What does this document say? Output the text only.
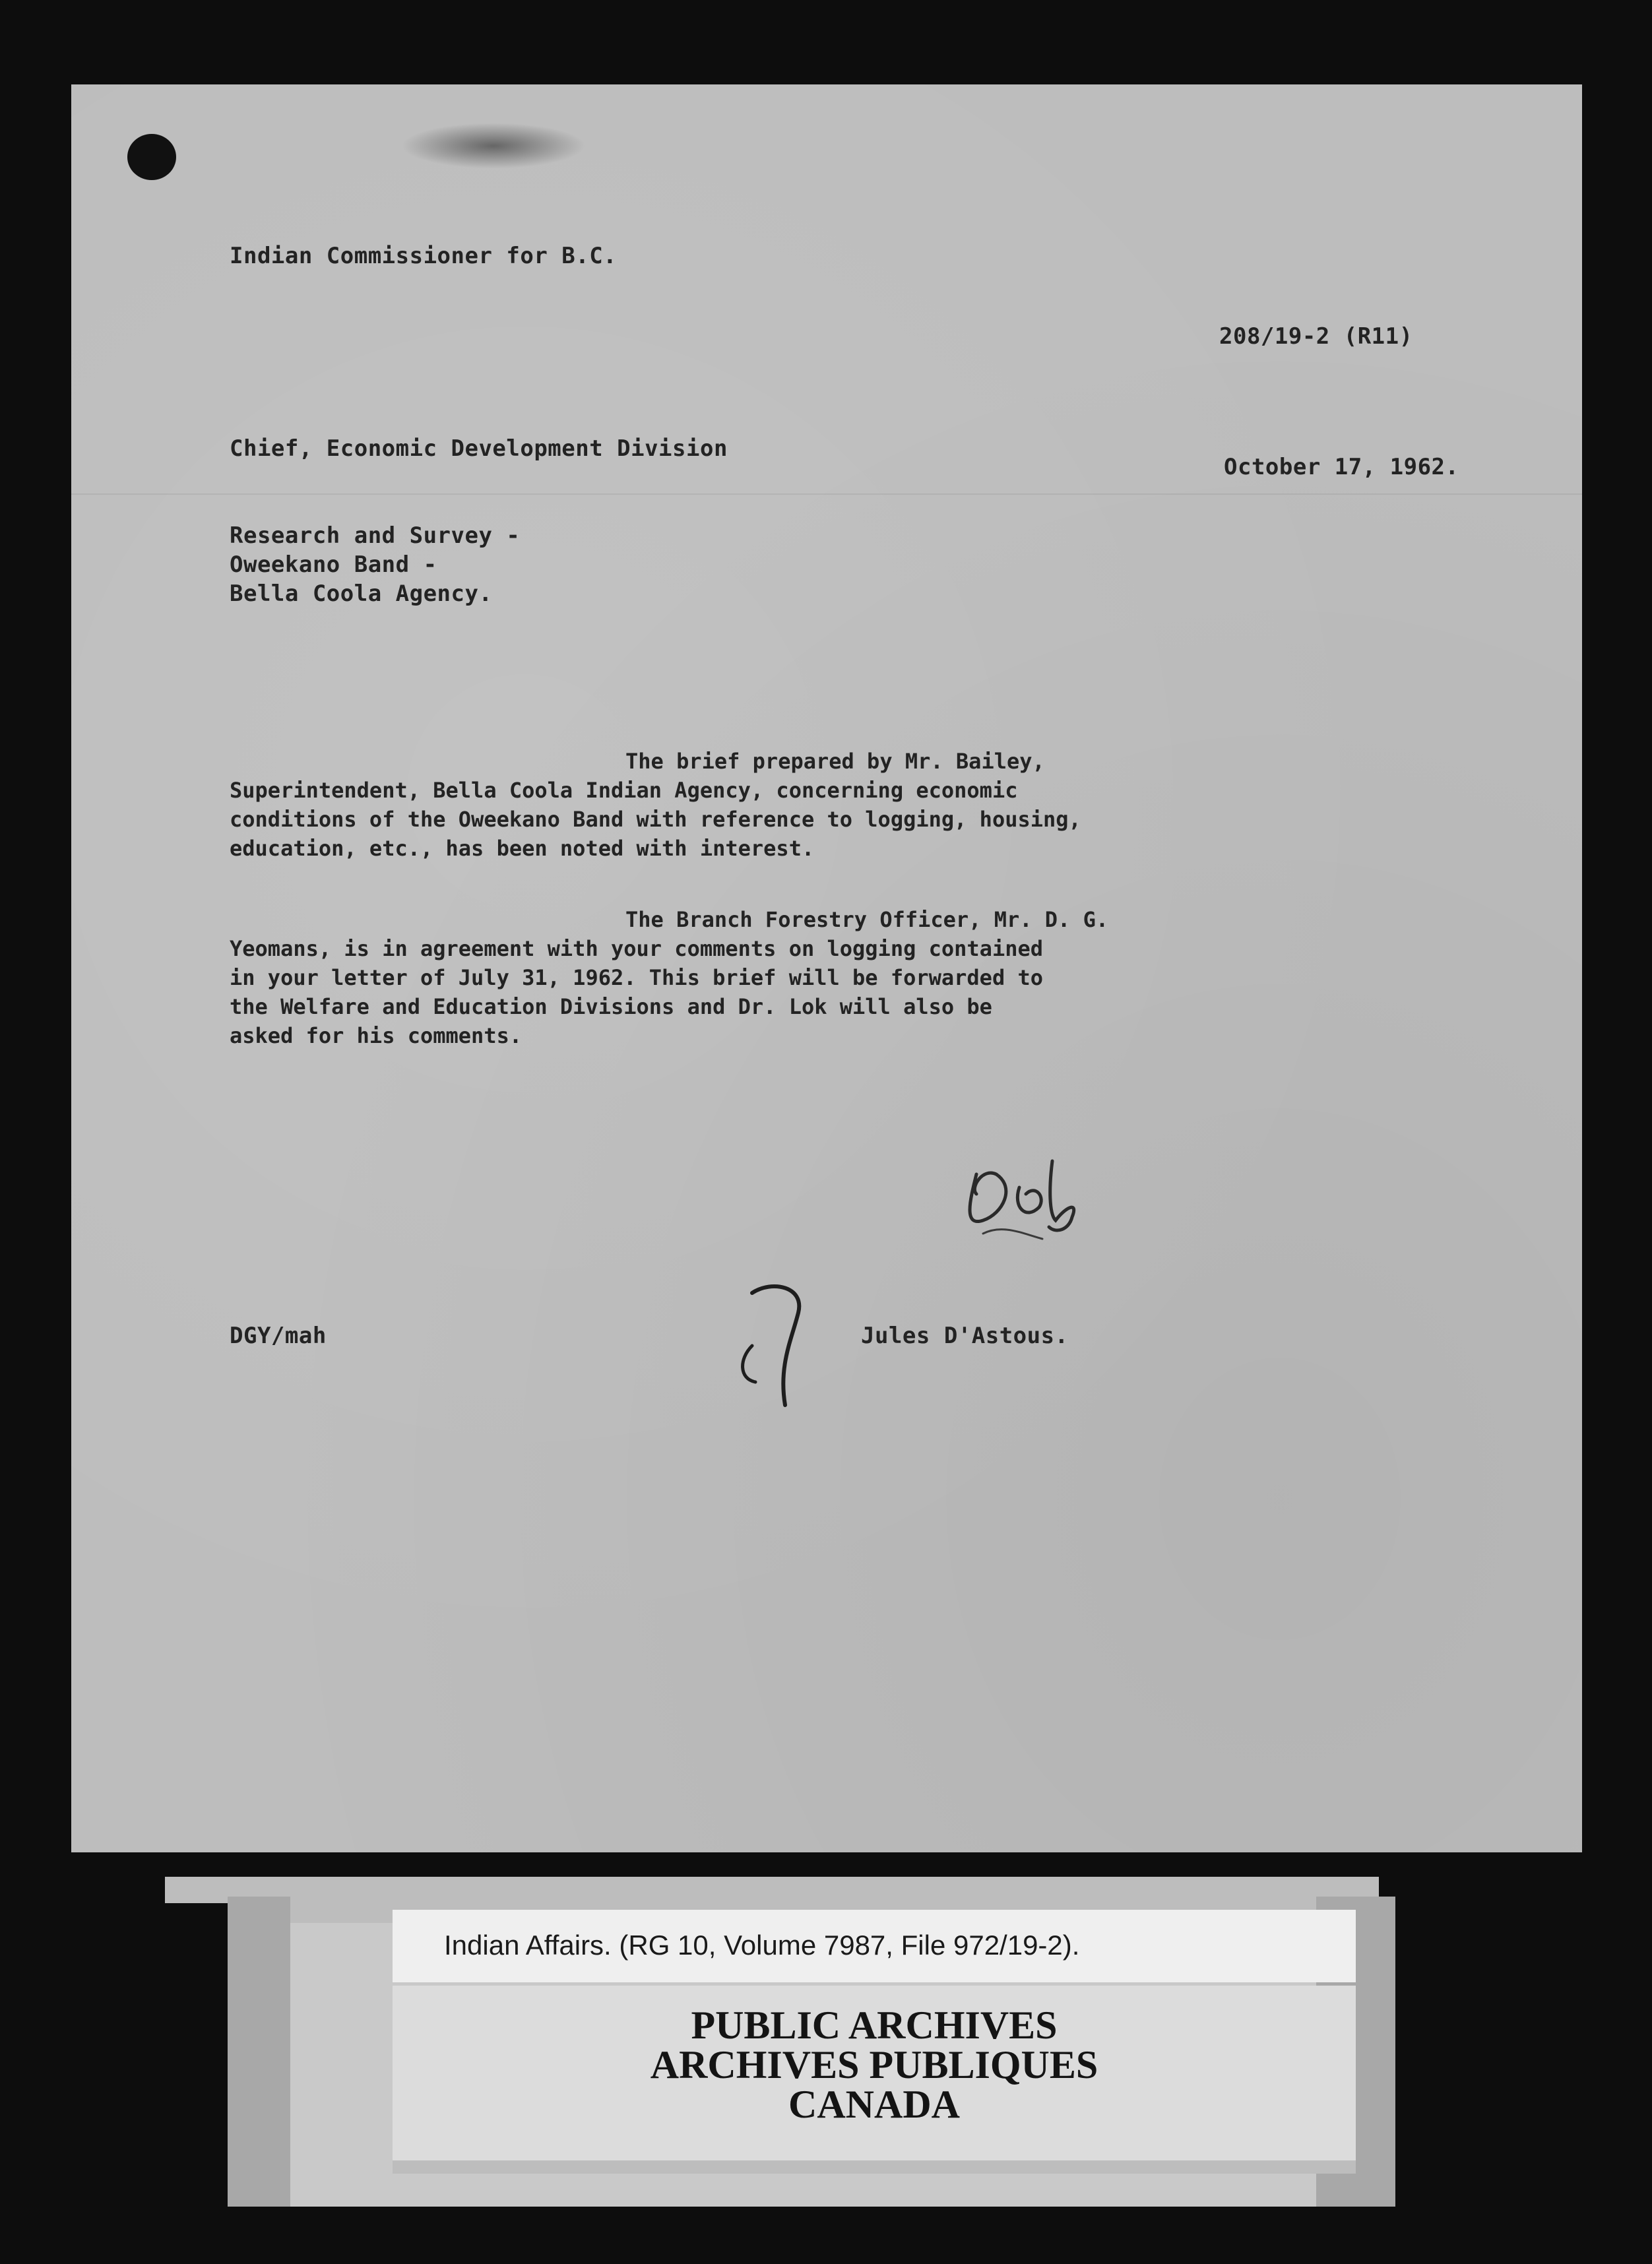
Indian Commissioner for B.C.

208/19-2 (R11)

Chief, Economic Development Division

October 17, 1962.

Research and Survey -
Oweekano Band -
Bella Coola Agency.
The brief prepared by Mr. Bailey,
Superintendent, Bella Coola Indian Agency, concerning economic
conditions of the Oweekano Band with reference to logging, housing,
education, etc., has been noted with interest.
The Branch Forestry Officer, Mr. D. G.
Yeomans, is in agreement with your comments on logging contained
in your letter of July 31, 1962. This brief will be forwarded to
the Welfare and Education Divisions and Dr. Lok will also be
asked for his comments.

DGY/mah	Jules D'Astous.

Indian Affairs. (RG 10, Volume 7987, File 972/19-2).
PUBLIC ARCHIVES
ARCHIVES PUBLIQUES
CANADA
